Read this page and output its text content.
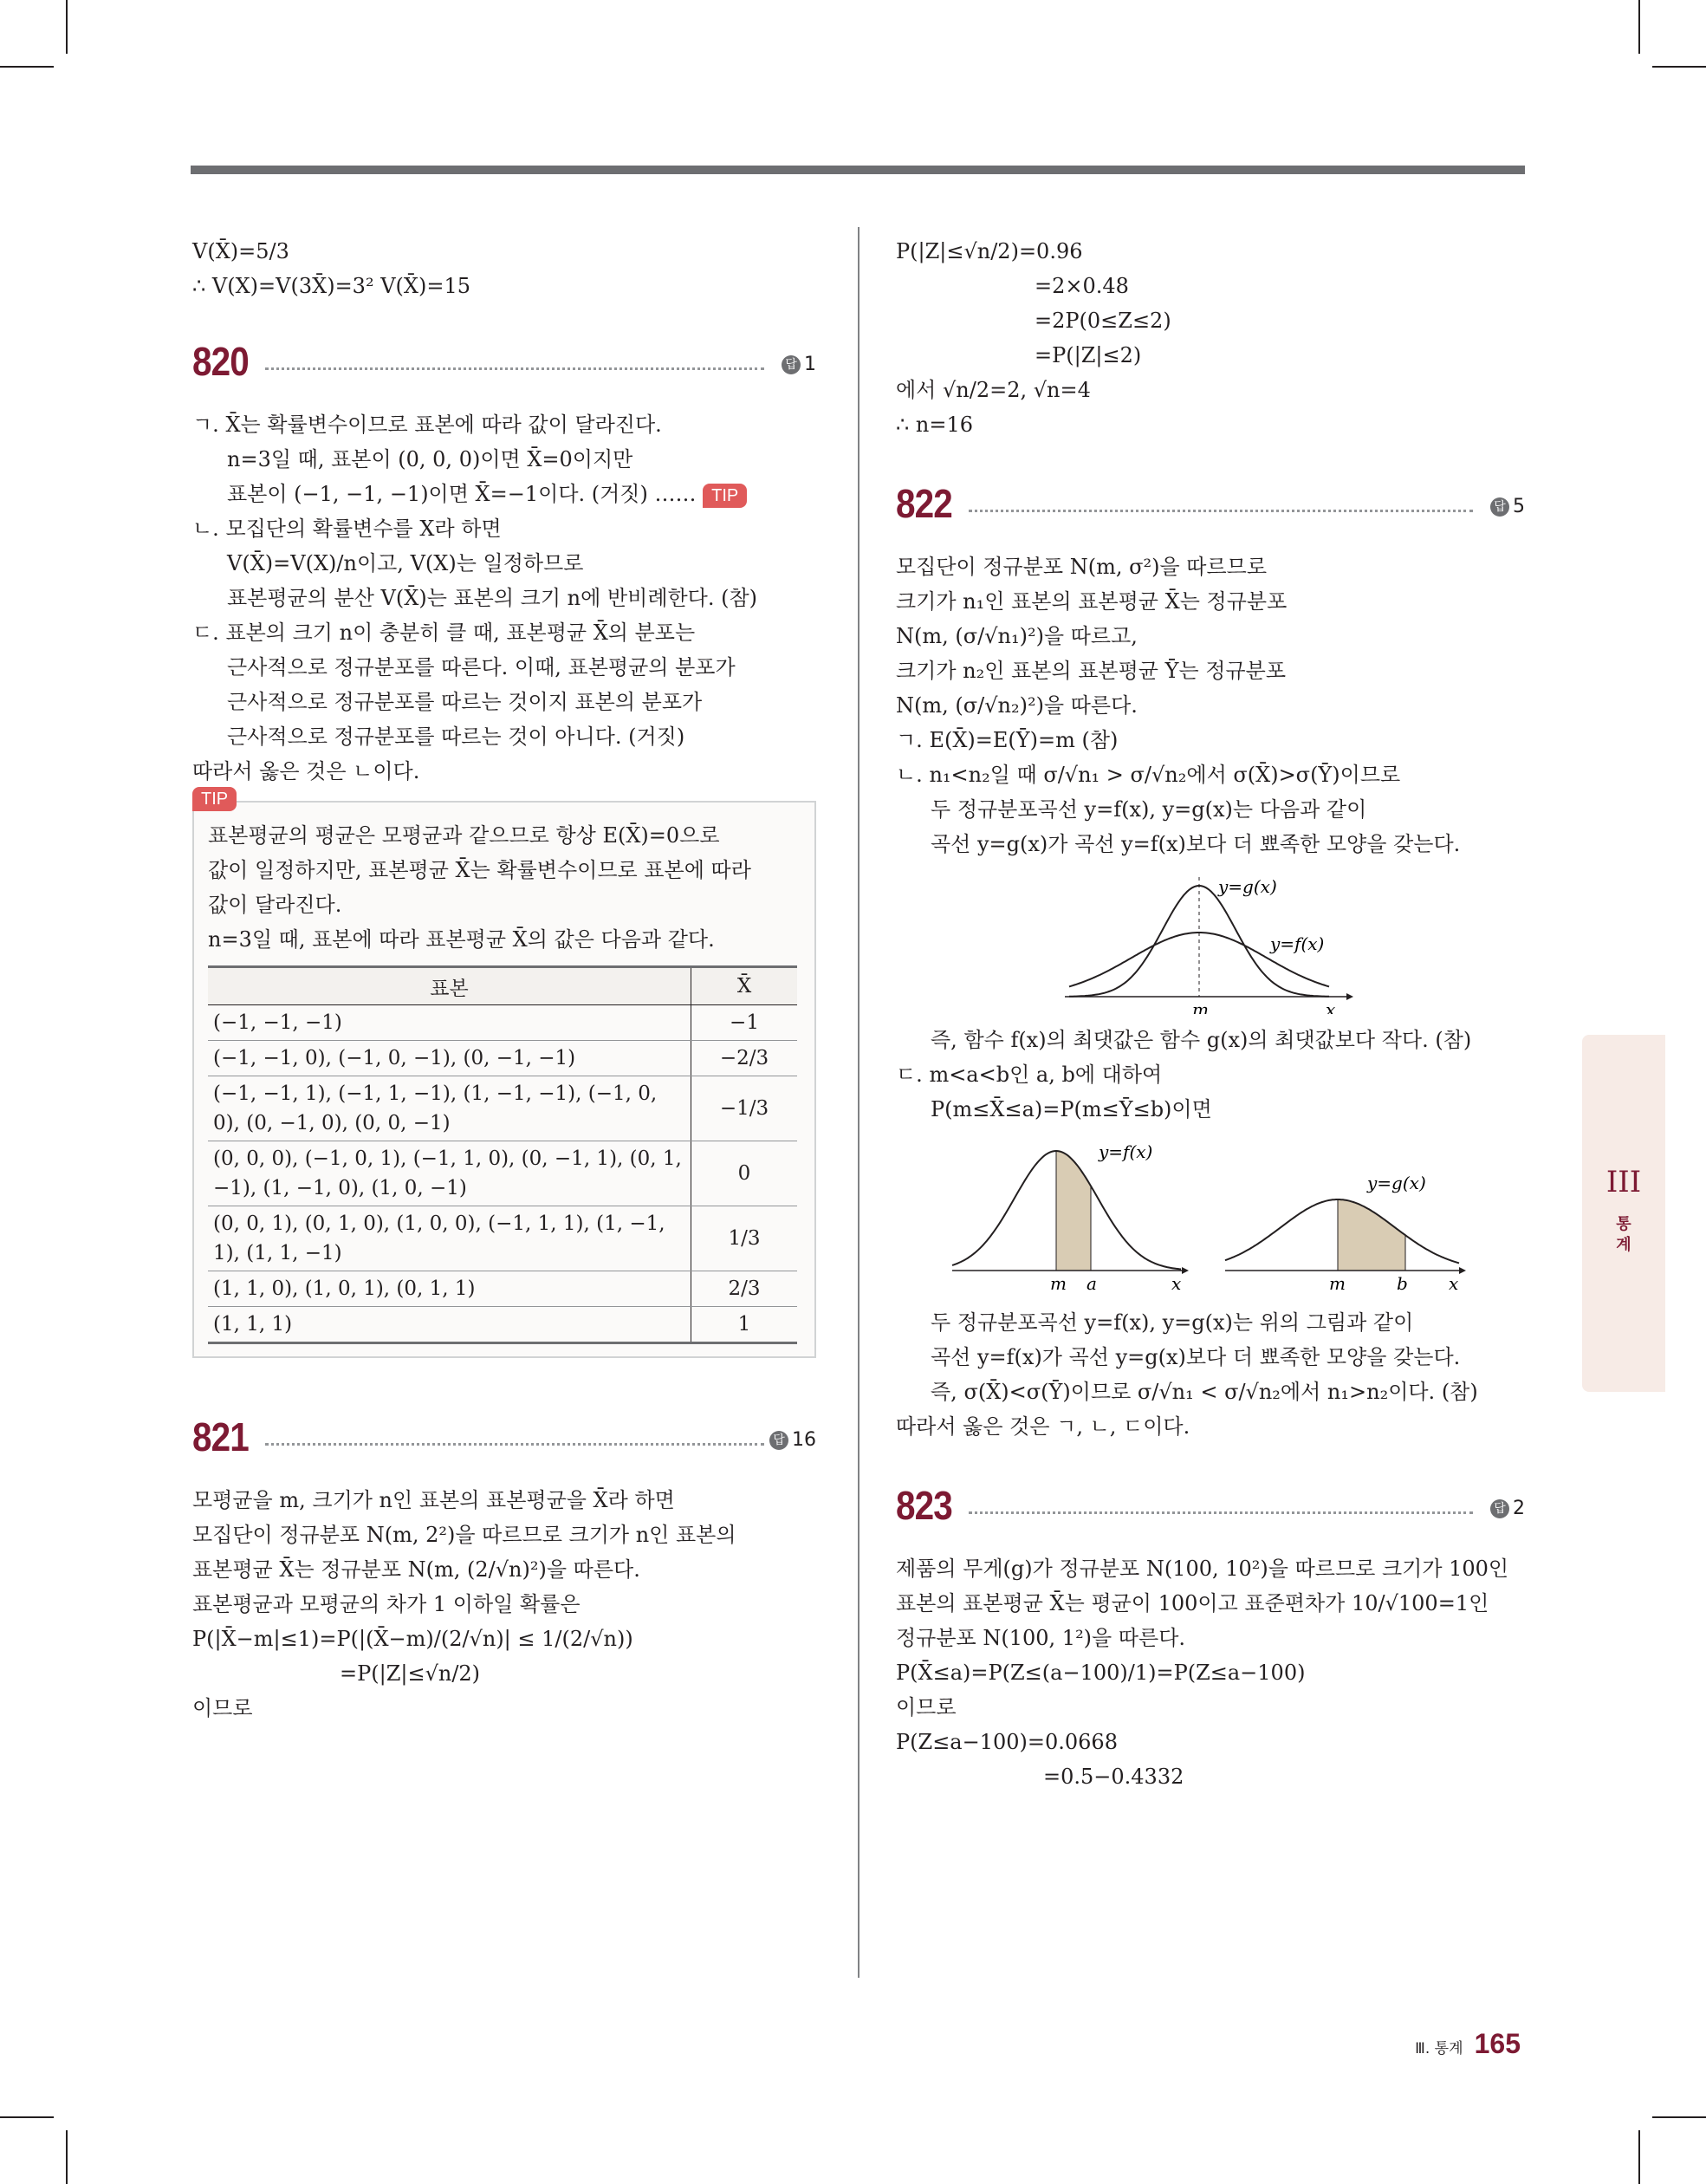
V(X̄)=5/3
∴ V(X)=V(3X̄)=3² V(X̄)=15
820	답 1
ㄱ. X̄는 확률변수이므로 표본에 따라 값이 달라진다.
n=3일 때, 표본이 (0, 0, 0)이면 X̄=0이지만
표본이 (−1, −1, −1)이면 X̄=−1이다. (거짓) …… TIP
ㄴ. 모집단의 확률변수를 X라 하면
V(X̄)=V(X)/n이고, V(X)는 일정하므로
표본평균의 분산 V(X̄)는 표본의 크기 n에 반비례한다. (참)
ㄷ. 표본의 크기 n이 충분히 클 때, 표본평균 X̄의 분포는
근사적으로 정규분포를 따른다. 이때, 표본평균의 분포가
근사적으로 정규분포를 따르는 것이지 표본의 분포가
근사적으로 정규분포를 따르는 것이 아니다. (거짓)
따라서 옳은 것은 ㄴ이다.
TIP
표본평균의 평균은 모평균과 같으므로 항상 E(X̄)=0으로
값이 일정하지만, 표본평균 X̄는 확률변수이므로 표본에 따라
값이 달라진다.
n=3일 때, 표본에 따라 표본평균 X̄의 값은 다음과 같다.
표본	X̄
(−1, −1, −1)	−1
(−1, −1, 0), (−1, 0, −1), (0, −1, −1)	−2/3
(−1, −1, 1), (−1, 1, −1), (1, −1, −1), (−1, 0, 0), (0, −1, 0), (0, 0, −1)	−1/3
(0, 0, 0), (−1, 0, 1), (−1, 1, 0), (0, −1, 1), (0, 1, −1), (1, −1, 0), (1, 0, −1)	0
(0, 0, 1), (0, 1, 0), (1, 0, 0), (−1, 1, 1), (1, −1, 1), (1, 1, −1)	1/3
(1, 1, 0), (1, 0, 1), (0, 1, 1)	2/3
(1, 1, 1)	1
821	답 16
모평균을 m, 크기가 n인 표본의 표본평균을 X̄라 하면
모집단이 정규분포 N(m, 2²)을 따르므로 크기가 n인 표본의
표본평균 X̄는 정규분포 N(m, (2/√n)²)을 따른다.
표본평균과 모평균의 차가 1 이하일 확률은
P(|X̄−m|≤1)=P(|(X̄−m)/(2/√n)| ≤ 1/(2/√n))
=P(|Z|≤√n/2)
이므로
P(|Z|≤√n/2)=0.96
=2×0.48
=2P(0≤Z≤2)
=P(|Z|≤2)
에서 √n/2=2, √n=4
∴ n=16
822	답 5
모집단이 정규분포 N(m, σ²)을 따르므로
크기가 n₁인 표본의 표본평균 X̄는 정규분포
N(m, (σ/√n₁)²)을 따르고,
크기가 n₂인 표본의 표본평균 Ȳ는 정규분포
N(m, (σ/√n₂)²)을 따른다.
ㄱ. E(X̄)=E(Ȳ)=m (참)
ㄴ. n₁<n₂일 때 σ/√n₁ > σ/√n₂에서 σ(X̄)>σ(Ȳ)이므로
두 정규분포곡선 y=f(x), y=g(x)는 다음과 같이
곡선 y=g(x)가 곡선 y=f(x)보다 더 뾰족한 모양을 갖는다.
y=g(x)
y=f(x)
m	x
즉, 함수 f(x)의 최댓값은 함수 g(x)의 최댓값보다 작다. (참)
ㄷ. m<a<b인 a, b에 대하여
P(m≤X̄≤a)=P(m≤Ȳ≤b)이면
y=f(x)
m a	x
y=g(x)
m	b x
두 정규분포곡선 y=f(x), y=g(x)는 위의 그림과 같이
곡선 y=f(x)가 곡선 y=g(x)보다 더 뾰족한 모양을 갖는다.
즉, σ(X̄)<σ(Ȳ)이므로 σ/√n₁ < σ/√n₂에서 n₁>n₂이다. (참)
따라서 옳은 것은 ㄱ, ㄴ, ㄷ이다.
823	답 2
제품의 무게(g)가 정규분포 N(100, 10²)을 따르므로 크기가 100인
표본의 표본평균 X̄는 평균이 100이고 표준편차가 10/√100=1인
정규분포 N(100, 1²)을 따른다.
P(X̄≤a)=P(Z≤(a−100)/1)=P(Z≤a−100)
이므로
P(Z≤a−100)=0.0668
=0.5−0.4332
III
통
계
Ⅲ. 통계 165
